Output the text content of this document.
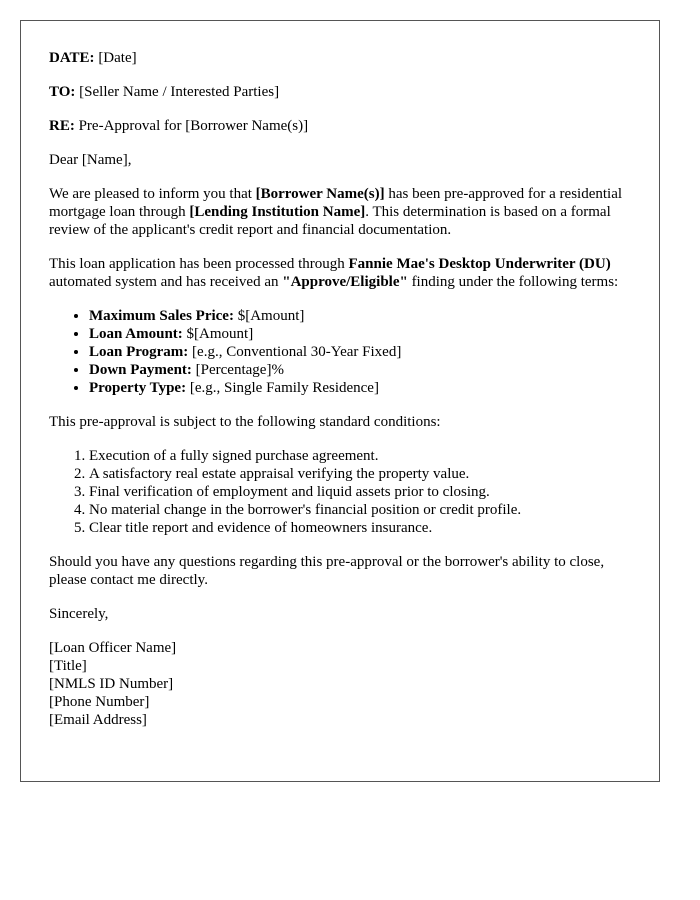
DATE: [Date]

TO: [Seller Name / Interested Parties]

RE: Pre-Approval for [Borrower Name(s)]

Dear [Name],

We are pleased to inform you that [Borrower Name(s)] has been pre-approved for a residential mortgage loan through [Lending Institution Name]. This determination is based on a formal review of the applicant's credit report and financial documentation.

This loan application has been processed through Fannie Mae's Desktop Underwriter (DU) automated system and has received an "Approve/Eligible" finding under the following terms:

• Maximum Sales Price: $[Amount]
• Loan Amount: $[Amount]
• Loan Program: [e.g., Conventional 30-Year Fixed]
• Down Payment: [Percentage]%
• Property Type: [e.g., Single Family Residence]

This pre-approval is subject to the following standard conditions:

1. Execution of a fully signed purchase agreement.
2. A satisfactory real estate appraisal verifying the property value.
3. Final verification of employment and liquid assets prior to closing.
4. No material change in the borrower's financial position or credit profile.
5. Clear title report and evidence of homeowners insurance.

Should you have any questions regarding this pre-approval or the borrower's ability to close, please contact me directly.

Sincerely,

[Loan Officer Name]
[Title]
[NMLS ID Number]
[Phone Number]
[Email Address]
